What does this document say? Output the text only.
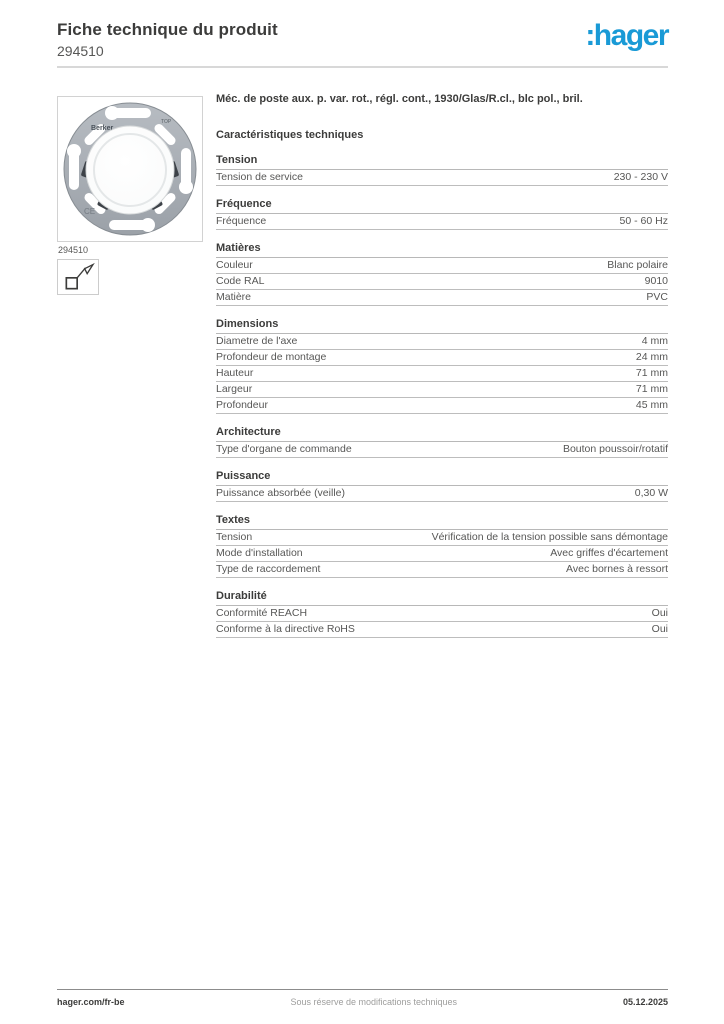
Fiche technique du produit
294510	:hager
Berker
TOP
CE
294510
Méc. de poste aux. p. var. rot., régl. cont., 1930/Glas/R.cl., blc pol., bril.
Caractéristiques techniques
Tension
Tension de service	230 - 230 V
Fréquence
Fréquence	50 - 60 Hz
Matières
Couleur	Blanc polaire
Code RAL	9010
Matière	PVC
Dimensions
Diametre de l'axe	4 mm
Profondeur de montage	24 mm
Hauteur	71 mm
Largeur	71 mm
Profondeur	45 mm
Architecture
Type d'organe de commande	Bouton poussoir/rotatif
Puissance
Puissance absorbée (veille)	0,30 W
Textes
Tension	Vérification de la tension possible sans démontage
Mode d'installation	Avec griffes d'écartement
Type de raccordement	Avec bornes à ressort
Durabilité
Conformité REACH	Oui
Conforme à la directive RoHS	Oui
hager.com/fr-be	Sous réserve de modifications techniques	05.12.2025
